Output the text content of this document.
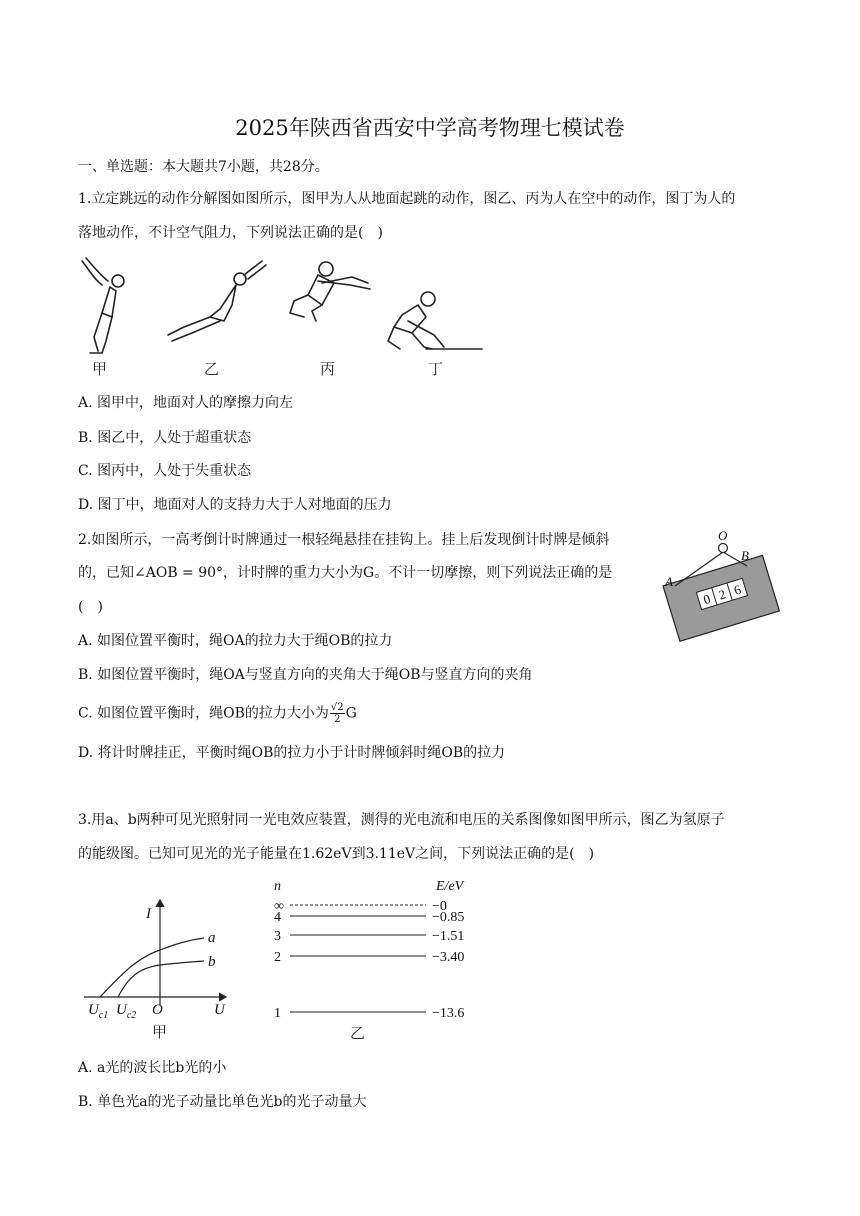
2025年陕西省西安中学高考物理七模试卷
一、单选题：本大题共7小题，共28分。
1.立定跳远的动作分解图如图所示，图甲为人从地面起跳的动作，图乙、丙为人在空中的动作，图丁为人的
落地动作，不计空气阻力，下列说法正确的是(　)
甲	乙	丙	丁
A. 图甲中，地面对人的摩擦力向左
B. 图乙中，人处于超重状态
C. 图丙中，人处于失重状态
D. 图丁中，地面对人的支持力大于人对地面的压力
2.如图所示，一高考倒计时牌通过一根轻绳悬挂在挂钩上。挂上后发现倒计时牌是倾斜
的，已知∠AOB = 90°，计时牌的重力大小为G。不计一切摩擦，则下列说法正确的是
(　)	0 2 6
O
A
B
A. 如图位置平衡时，绳OA的拉力大于绳OB的拉力
B. 如图位置平衡时，绳OA与竖直方向的夹角大于绳OB与竖直方向的夹角
C. 如图位置平衡时，绳OB的拉力大小为 $\frac{√2}{2}$ G
D. 将计时牌挂正，平衡时绳OB的拉力小于计时牌倾斜时绳OB的拉力
3.用a、b两种可见光照射同一光电效应装置，测得的光电流和电压的关系图像如图甲所示，图乙为氢原子
的能级图。已知可见光的光子能量在1.62eV到3.11eV之间，下列说法正确的是(　)
I
U
O
a
b
$U_{c1}$ $U_{c2}$
甲
n	E/eV
∞	−0
4	−0.85
3	−1.51
2	−3.40
1	−13.6
乙
A. a光的波长比b光的小
B. 单色光a的光子动量比单色光b的光子动量大
